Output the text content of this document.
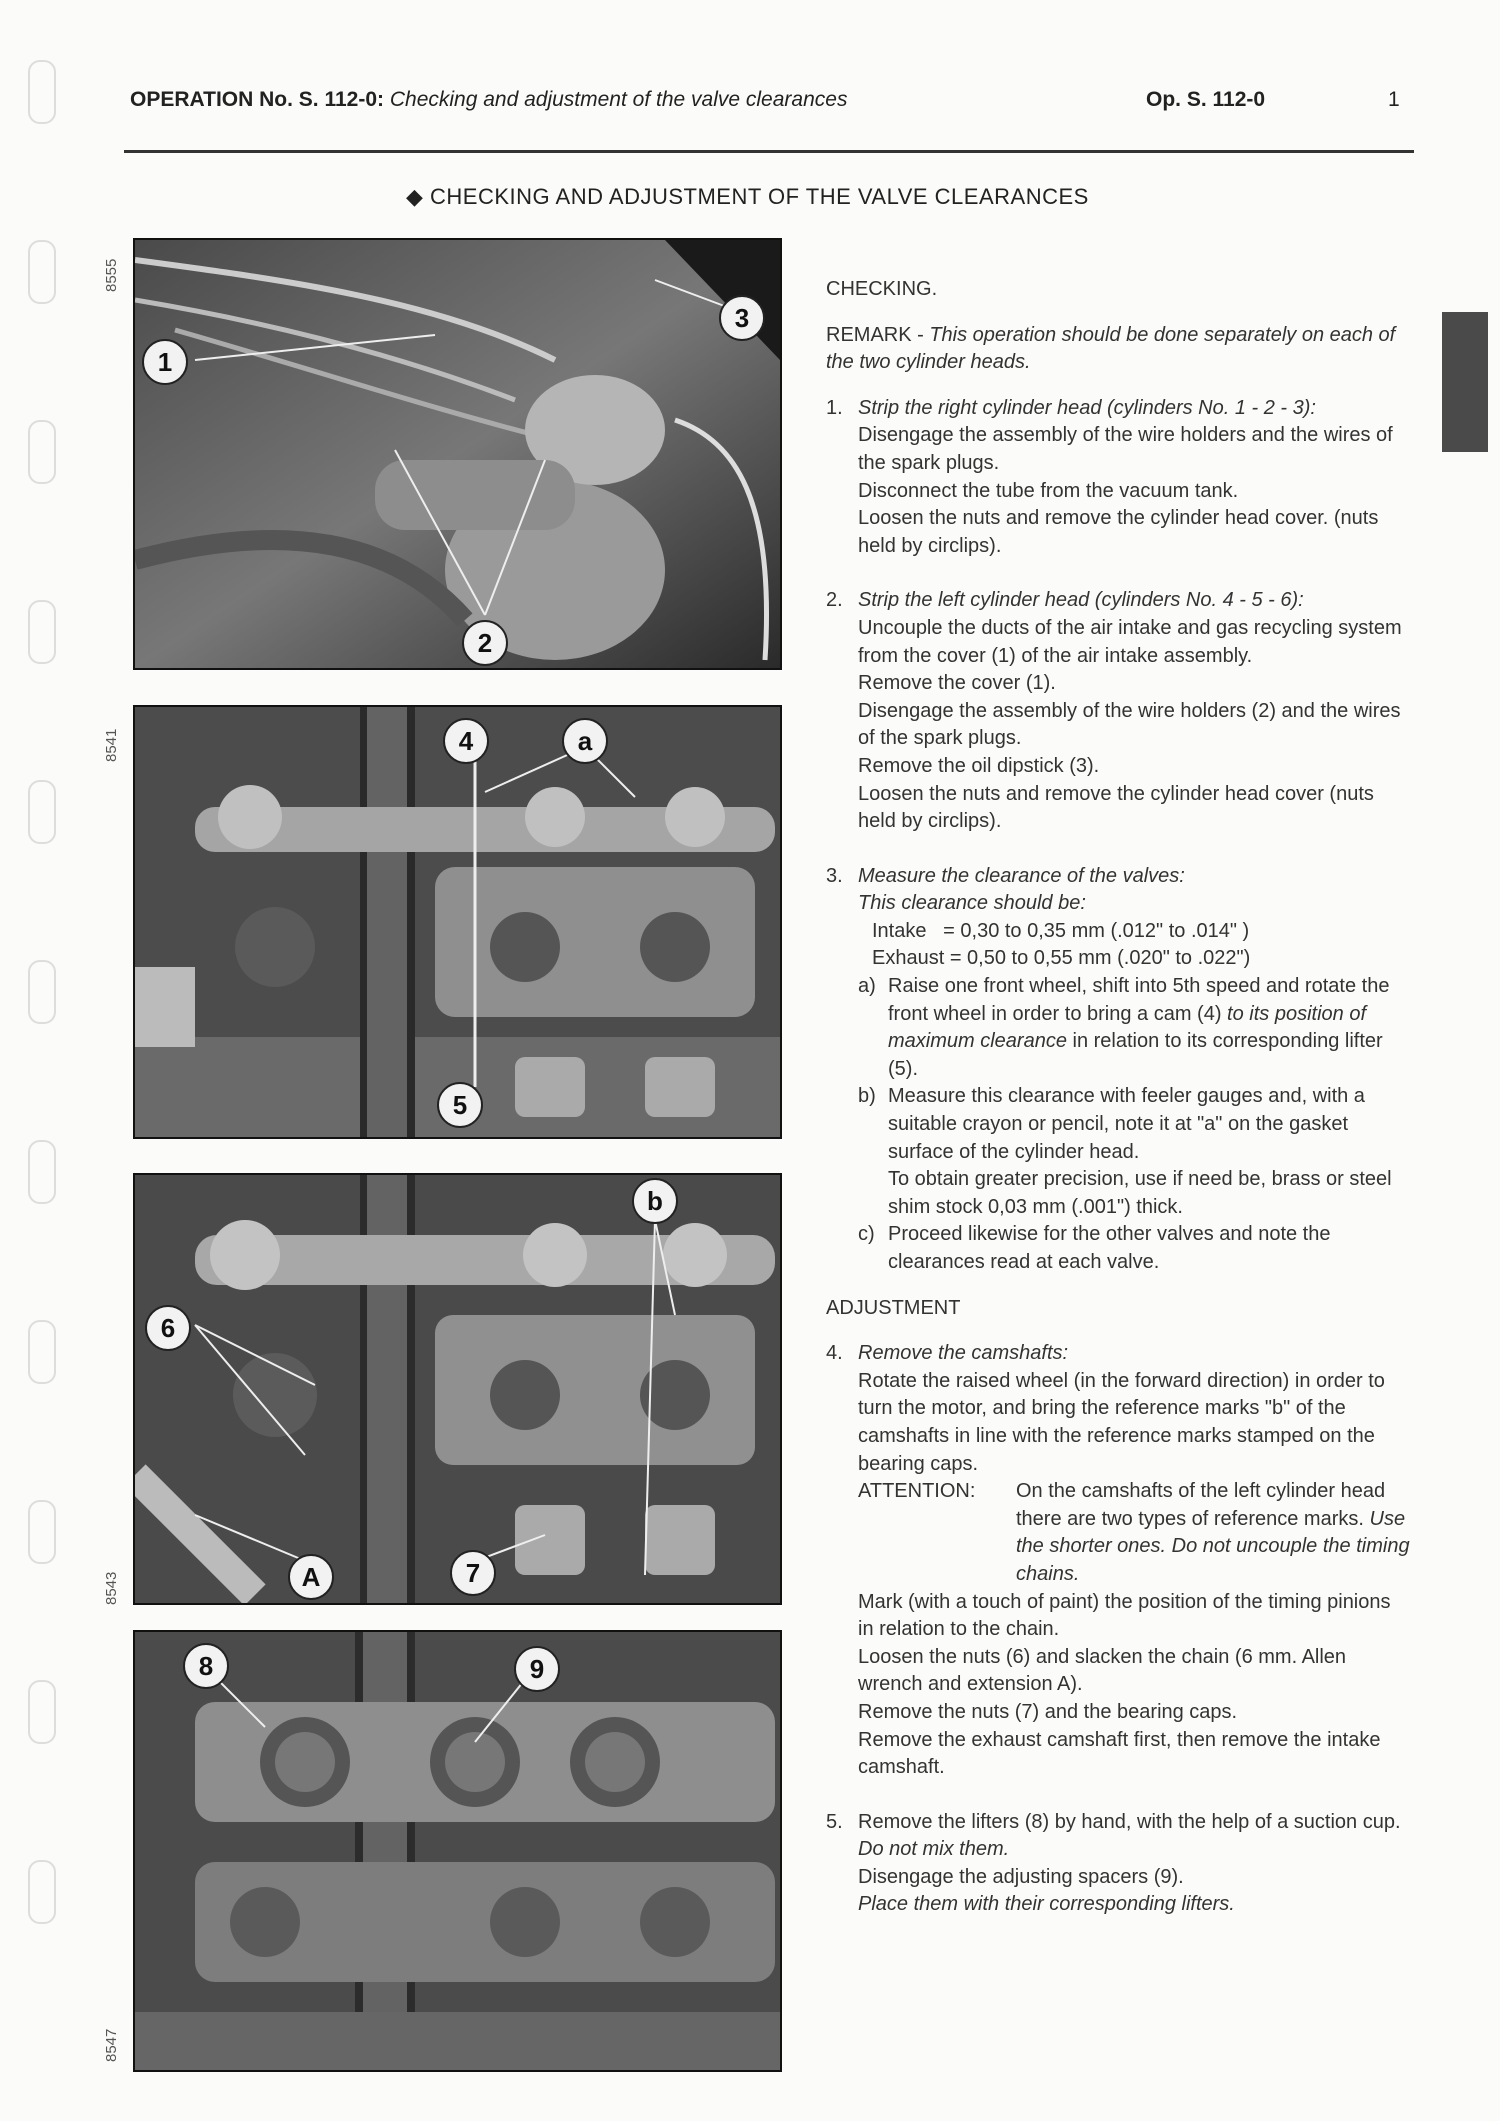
OPERATION No. S. 112-0: Checking and adjustment of the valve clearances	Op. S. 112-0	1
◆ CHECKING AND ADJUSTMENT OF THE VALVE CLEARANCES
1
2
3
8555
4	a
5
8541
6
b
A	7
8543
8	9
8547

CHECKING.

REMARK - This operation should be done separately on each of the two cylinder heads.

1. Strip the right cylinder head (cylinders No. 1 - 2 - 3):

Disengage the assembly of the wire holders and the wires of the spark plugs.

Disconnect the tube from the vacuum tank.

Loosen the nuts and remove the cylinder head cover. (nuts held by circlips).

2. Strip the left cylinder head (cylinders No. 4 - 5 - 6):

Uncouple the ducts of the air intake and gas recycling system from the cover (1) of the air intake assembly.

Remove the cover (1).

Disengage the assembly of the wire holders (2) and the wires of the spark plugs.

Remove the oil dipstick (3).

Loosen the nuts and remove the cylinder head cover (nuts held by circlips).

3. Measure the clearance of the valves:

This clearance should be:

Intake   = 0,30 to 0,35 mm (.012" to .014" )

Exhaust = 0,50 to 0,55 mm (.020" to .022")

a) Raise one front wheel, shift into 5th speed and rotate the front wheel in order to bring a cam (4) to its position of maximum clearance in relation to its corresponding lifter (5).

b) Measure this clearance with feeler gauges and, with a suitable crayon or pencil, note it at "a" on the gasket surface of the cylinder head.

To obtain greater precision, use if need be, brass or steel shim stock 0,03 mm (.001") thick.

c) Proceed likewise for the other valves and note the clearances read at each valve.

ADJUSTMENT

4. Remove the camshafts:

Rotate the raised wheel (in the forward direction) in order to turn the motor, and bring the reference marks "b" of the camshafts in line with the reference marks stamped on the bearing caps.

ATTENTION:	On the camshafts of the left cylinder head there are two types of reference marks. Use the shorter ones. Do not uncouple the timing chains.

Mark (with a touch of paint) the position of the timing pinions in relation to the chain.

Loosen the nuts (6) and slacken the chain (6 mm. Allen wrench and extension A).

Remove the nuts (7) and the bearing caps.

Remove the exhaust camshaft first, then remove the intake camshaft.

5. Remove the lifters (8) by hand, with the help of a suction cup. Do not mix them.

Disengage the adjusting spacers (9).

Place them with their corresponding lifters.
